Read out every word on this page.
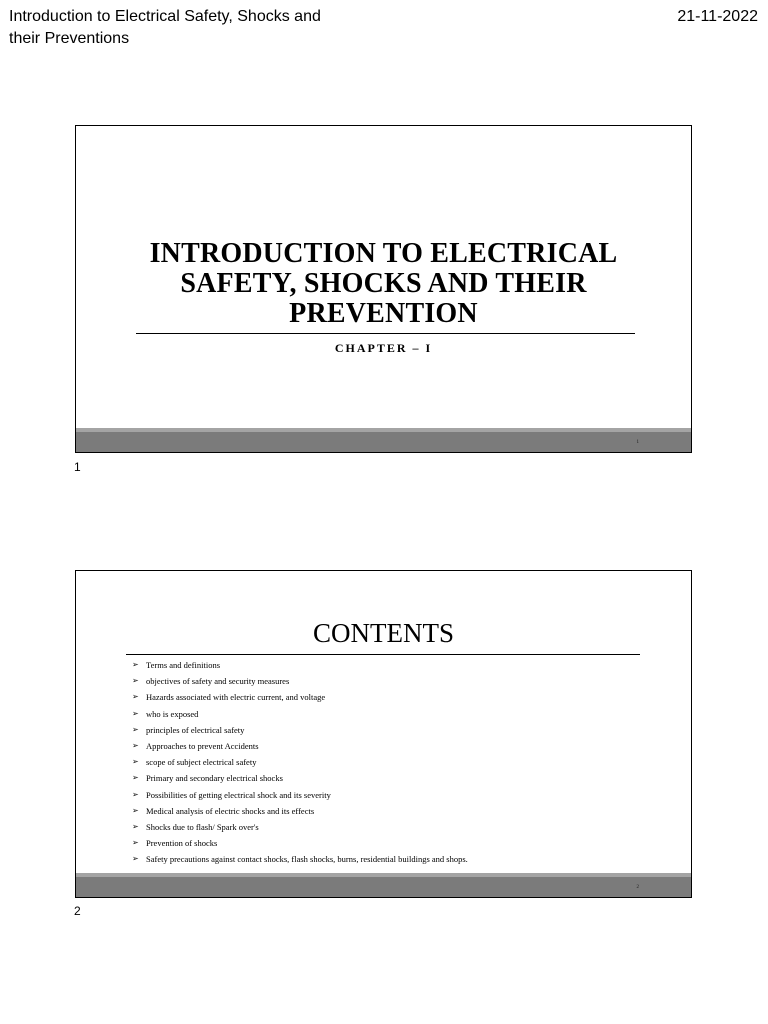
Introduction to Electrical Safety, Shocks and their Preventions
21-11-2022
INTRODUCTION TO ELECTRICAL SAFETY, SHOCKS AND THEIR PREVENTION
CHAPTER – I
1
1
CONTENTS
➢ Terms and definitions
➢ objectives of safety and security measures
➢ Hazards associated with electric current, and voltage
➢ who is exposed
➢ principles of electrical safety
➢ Approaches to prevent Accidents
➢ scope of subject electrical safety
➢ Primary and secondary electrical shocks
➢ Possibilities of getting electrical shock and its severity
➢ Medical analysis of electric shocks and its effects
➢ Shocks due to flash/ Spark over's
➢ Prevention of shocks
➢ Safety precautions against contact shocks, flash shocks, burns, residential buildings and shops.
2
2
